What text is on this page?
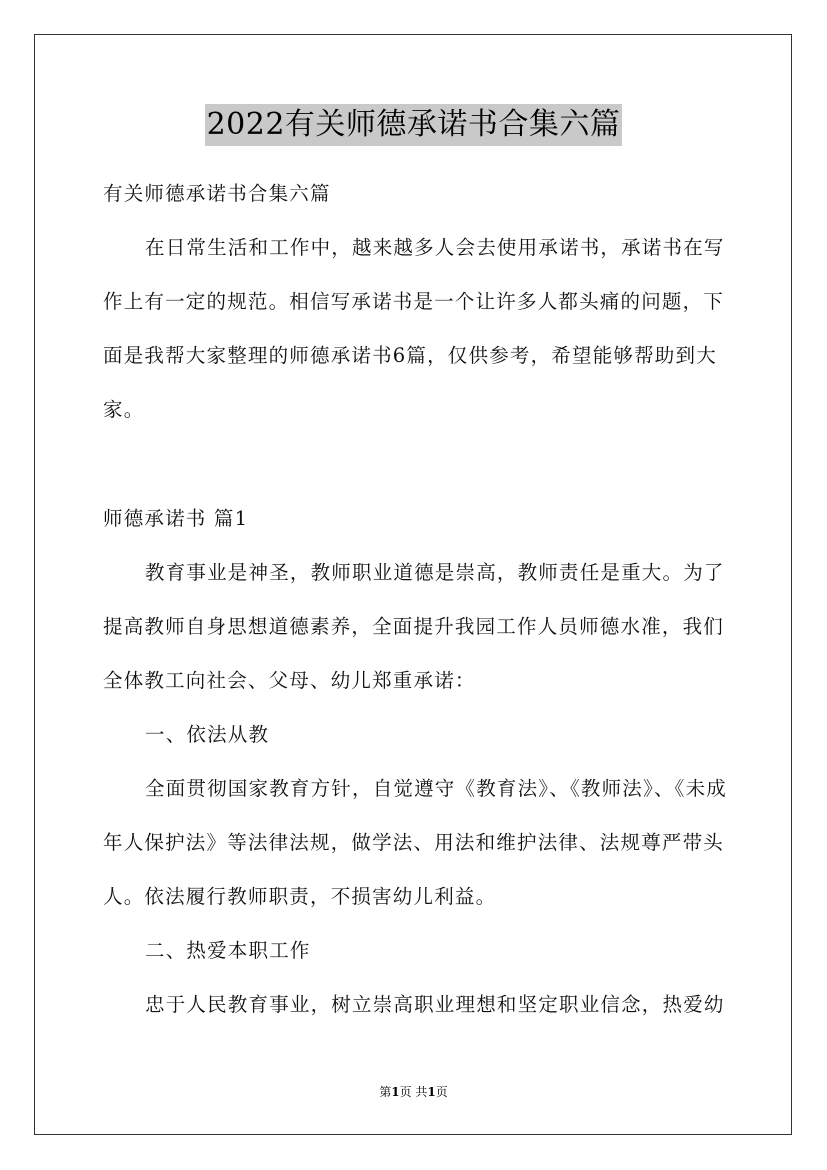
2022有关师德承诺书合集六篇
有关师德承诺书合集六篇
在日常生活和工作中，越来越多人会去使用承诺书，承诺书在写
作上有一定的规范。相信写承诺书是一个让许多人都头痛的问题，下
面是我帮大家整理的师德承诺书6篇，仅供参考，希望能够帮助到大
家。
师德承诺书 篇1
教育事业是神圣，教师职业道德是崇高，教师责任是重大。为了
提高教师自身思想道德素养，全面提升我园工作人员师德水准，我们
全体教工向社会、父母、幼儿郑重承诺：
一、依法从教
全面贯彻国家教育方针，自觉遵守《教育法》、《教师法》、《未成
年人保护法》等法律法规，做学法、用法和维护法律、法规尊严带头
人。依法履行教师职责，不损害幼儿利益。
二、热爱本职工作
忠于人民教育事业，树立崇高职业理想和坚定职业信念，热爱幼
第1页 共1页
